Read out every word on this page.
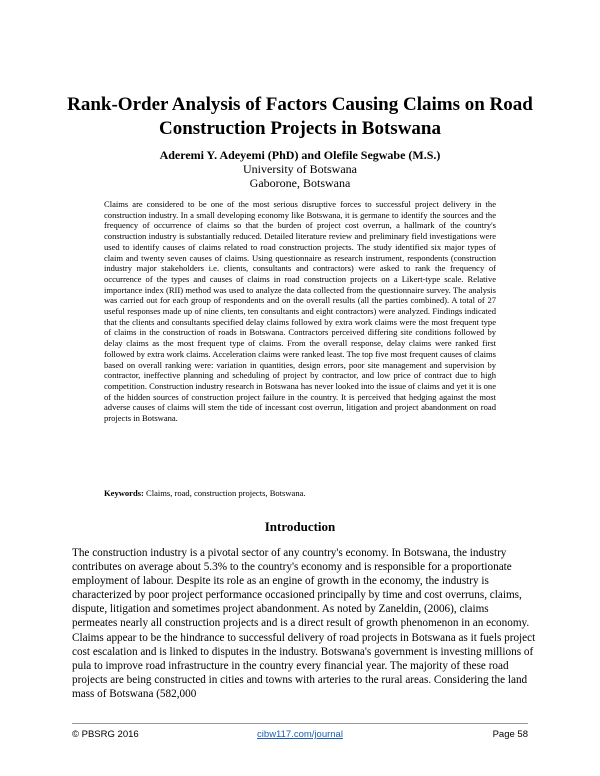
Rank-Order Analysis of Factors Causing Claims on Road
Construction Projects in Botswana
Aderemi Y. Adeyemi (PhD) and Olefile Segwabe (M.S.)
University of Botswana
Gaborone, Botswana

Claims are considered to be one of the most serious disruptive forces to successful project delivery in the construction industry. In a small developing economy like Botswana, it is germane to identify the sources and the frequency of occurrence of claims so that the burden of project cost overrun, a hallmark of the country's construction industry is substantially reduced. Detailed literature review and preliminary field investigations were used to identify causes of claims related to road construction projects. The study identified six major types of claim and twenty seven causes of claims. Using questionnaire as research instrument, respondents (construction industry major stakeholders i.e. clients, consultants and contractors) were asked to rank the frequency of occurrence of the types and causes of claims in road construction projects on a Likert-type scale. Relative importance index (RII) method was used to analyze the data collected from the questionnaire survey. The analysis was carried out for each group of respondents and on the overall results (all the parties combined). A total of 27 useful responses made up of nine clients, ten consultants and eight contractors) were analyzed. Findings indicated that the clients and consultants specified delay claims followed by extra work claims were the most frequent type of claims in the construction of roads in Botswana. Contractors perceived differing site conditions followed by delay claims as the most frequent type of claims. From the overall response, delay claims were ranked first followed by extra work claims. Acceleration claims were ranked least. The top five most frequent causes of claims based on overall ranking were: variation in quantities, design errors, poor site management and supervision by contractor, ineffective planning and scheduling of project by contractor, and low price of contract due to high competition. Construction industry research in Botswana has never looked into the issue of claims and yet it is one of the hidden sources of construction project failure in the country. It is perceived that hedging against the most adverse causes of claims will stem the tide of incessant cost overrun, litigation and project abandonment on road projects in Botswana.

Keywords: Claims, road, construction projects, Botswana.

Introduction

The construction industry is a pivotal sector of any country's economy. In Botswana, the industry contributes on average about 5.3% to the country's economy and is responsible for a proportionate employment of labour. Despite its role as an engine of growth in the economy, the industry is characterized by poor project performance occasioned principally by time and cost overruns, claims, dispute, litigation and sometimes project abandonment. As noted by Zaneldin, (2006), claims permeates nearly all construction projects and is a direct result of growth phenomenon in an economy. Claims appear to be the hindrance to successful delivery of road projects in Botswana as it fuels project cost escalation and is linked to disputes in the industry. Botswana's government is investing millions of pula to improve road infrastructure in the country every financial year. The majority of these road projects are being constructed in cities and towns with arteries to the rural areas. Considering the land mass of Botswana (582,000

© PBSRG 2016	cibw117.com/journal	Page 58
